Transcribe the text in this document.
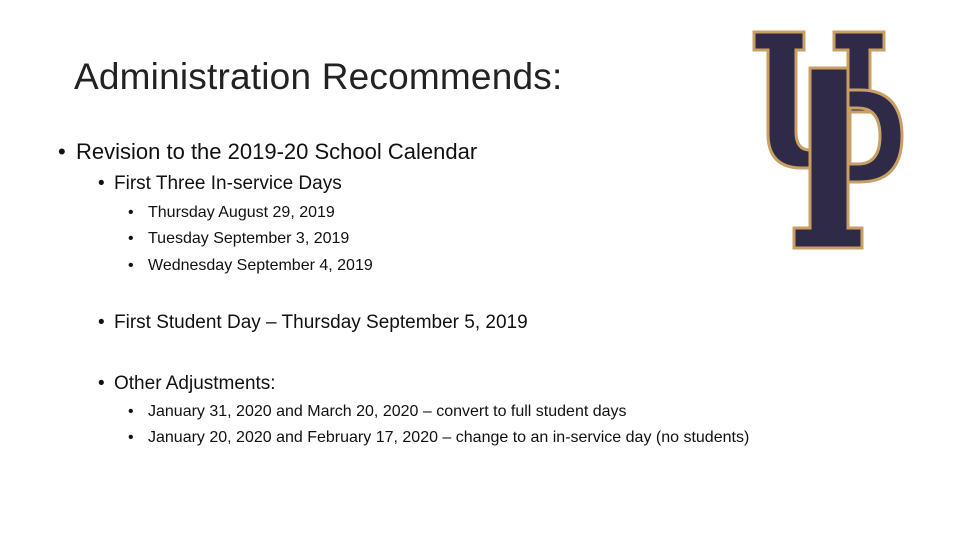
Administration Recommends:
• Revision to the 2019-20 School Calendar
• First Three In-service Days
• Thursday August 29, 2019
• Tuesday September 3, 2019
• Wednesday September 4, 2019
• First Student Day – Thursday September 5, 2019
• Other Adjustments:
• January 31, 2020 and March 20, 2020 – convert to full student days
• January 20, 2020 and February 17, 2020 – change to an in-service day (no students)
